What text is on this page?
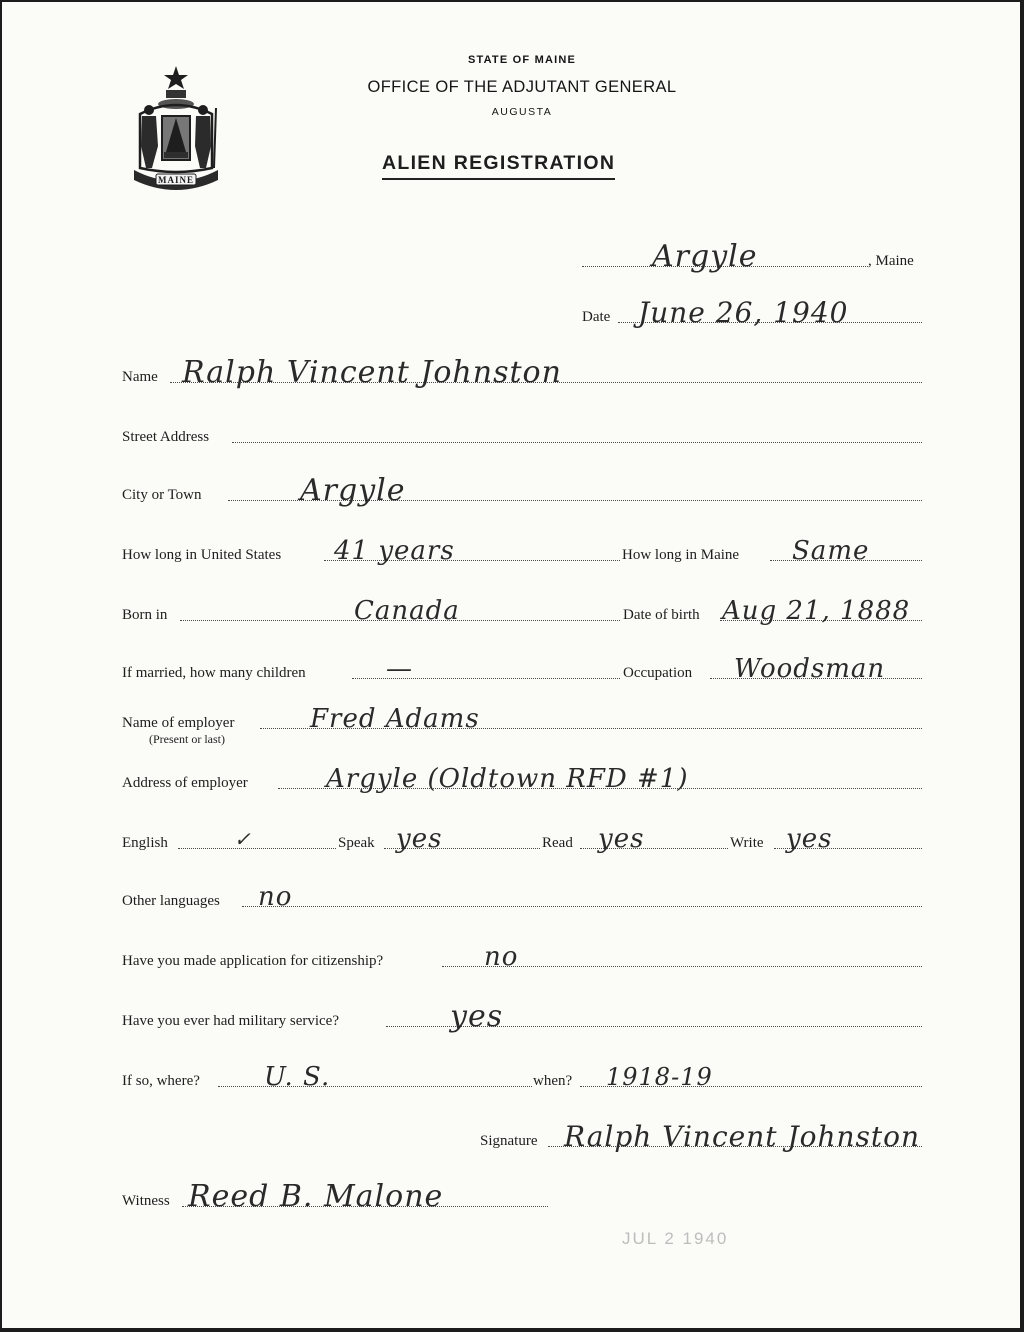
MAINE
STATE OF MAINE
OFFICE OF THE ADJUTANT GENERAL
AUGUSTA
ALIEN REGISTRATION
Argyle	, Maine
Date June 26, 1940
Name Ralph Vincent Johnston
Street Address
City or Town	Argyle
How long in United States 41 years	How long in Maine Same
Born in	Canada	Date of birth Aug 21, 1888
If married, how many children	—	Occupation Woodsman
Name of employer	Fred Adams
(Present or last)
Address of employer	Argyle (Oldtown RFD #1)
English	✓	Speak yes	Read yes	Write yes
Other languages no
Have you made application for citizenship?	no
Have you ever had military service?	yes
If so, where? U. S.	when? 1918-19
Signature Ralph Vincent Johnston
Witness Reed B. Malone
JUL 2 1940
